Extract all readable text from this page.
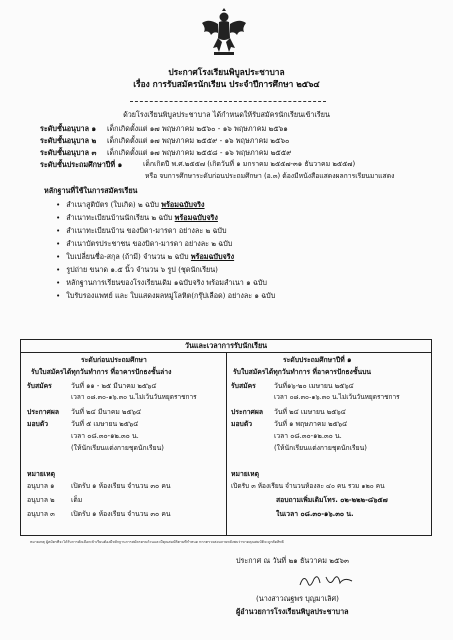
ประกาศโรงเรียนพิบูลประชาบาล
เรื่อง การรับสมัครนักเรียน ประจำปีการศึกษา ๒๕๖๔
ด้วยโรงเรียนพิบูลประชาบาล ได้กำหนดให้รับสมัครนักเรียนเข้าเรียน
ระดับชั้นอนุบาล ๑ เด็กเกิดตั้งแต่ ๑๗ พฤษภาคม ๒๕๖๐ - ๑๖ พฤษภาคม ๒๕๖๑
ระดับชั้นอนุบาล ๒ เด็กเกิดตั้งแต่ ๑๗ พฤษภาคม ๒๕๕๙ - ๑๖ พฤษภาคม ๒๕๖๐
ระดับชั้นอนุบาล ๓ เด็กเกิดตั้งแต่ ๑๗ พฤษภาคม ๒๕๕๘ - ๑๖ พฤษภาคม ๒๕๕๙
ระดับชั้นประถมศึกษาปีที่ ๑	เด็กเกิดปี พ.ศ.๒๕๕๗ (เกิดวันที่ ๑ มกราคม ๒๕๕๗-๓๑ ธันวาคม ๒๕๕๗)
หรือ จบการศึกษาระดับก่อนประถมศึกษา (อ.๓) ต้องมีหนังสือแสดงผลการเรียนมาแสดง
หลักฐานที่ใช้ในการสมัครเรียน
• สำเนาสูติบัตร (ใบเกิด) ๒ ฉบับ พร้อมฉบับจริง
• สำเนาทะเบียนบ้านนักเรียน ๒ ฉบับ พร้อมฉบับจริง
• สำเนาทะเบียนบ้าน ของบิดา-มารดา อย่างละ ๒ ฉบับ
• สำเนาบัตรประชาชน ของบิดา-มารดา อย่างละ ๒ ฉบับ
• ใบเปลี่ยนชื่อ-สกุล (ถ้ามี) จำนวน ๒ ฉบับ พร้อมฉบับจริง
• รูปถ่าย ขนาด ๑.๕ นิ้ว จำนวน ๖ รูป (ชุดนักเรียน)
• หลักฐานการเรียนของโรงเรียนเดิม ๑ฉบับจริง พร้อมสำเนา ๑ ฉบับ
• ใบรับรองแพทย์ และ ใบแสดงผลหมู่โลหิต(กรุ๊ปเลือด) อย่างละ ๑ ฉบับ
วันและเวลาการรับนักเรียน
ระดับก่อนประถมศึกษา
รับใบสมัครได้ทุกวันทำการ ที่อาคารปักธงชั้นล่าง
รับสมัคร	วันที่ ๑๑ - ๒๕ มีนาคม ๒๕๖๔
เวลา ๐๘.๓๐-๑๖.๓๐ น.ไม่เว้นวันหยุดราชการ
ประกาศผล วันที่ ๒๔ มีนาคม ๒๕๖๔
มอบตัว	วันที่ ๕ เมษายน ๒๕๖๔
เวลา ๐๘.๓๐-๑๒.๓๐ น.
(ให้นักเรียนแต่งกายชุดนักเรียน)
หมายเหตุ
อนุบาล ๑ เปิดรับ ๑ ห้องเรียน จำนวน ๓๐ คน
อนุบาล ๒ เต็ม
อนุบาล ๓ เปิดรับ ๑ ห้องเรียน จำนวน ๓๐ คน
ระดับประถมศึกษาปีที่ ๑
รับใบสมัครได้ทุกวันทำการ ที่อาคารปักธงชั้นบน
รับสมัคร	วันที่๑๖-๒๐ เมษายน ๒๕๖๔
เวลา ๐๘.๓๐-๑๖.๓๐ น.ไม่เว้นวันหยุดราชการ
ประกาศผล วันที่ ๒๔ เมษายน ๒๕๖๔
มอบตัว	วันที่ ๑ พฤษภาคม ๒๕๖๔
เวลา ๐๘.๓๐-๑๒.๓๐ น.
(ให้นักเรียนแต่งกายชุดนักเรียน)
หมายเหตุ
เปิดรับ ๓ ห้องเรียน จำนวนห้องละ ๔๐ คน รวม ๑๒๐ คน
สอบถามเพิ่มเติมโทร. ๐๒-๒๒๒-๘๖๕๗
ในเวลา ๐๘.๓๐-๑๖.๓๐ น.
หมายเหตุ ผู้สมัครที่จะได้รับการคัดเลือกเข้าเรียนต้องมีหลักฐานการสมัครครบถ้วนและมีคุณสมบัติตามที่กำหนด หากตรวจสอบภายหลังพบว่าขาดคุณสมบัติจะถูกตัดสิทธิ์
ประกาศ ณ วันที่ ๒๑ ธันวาคม ๒๕๖๓
(นางสาวณฐพร บุญมาเลิศ)
ผู้อำนวยการโรงเรียนพิบูลประชาบาล
